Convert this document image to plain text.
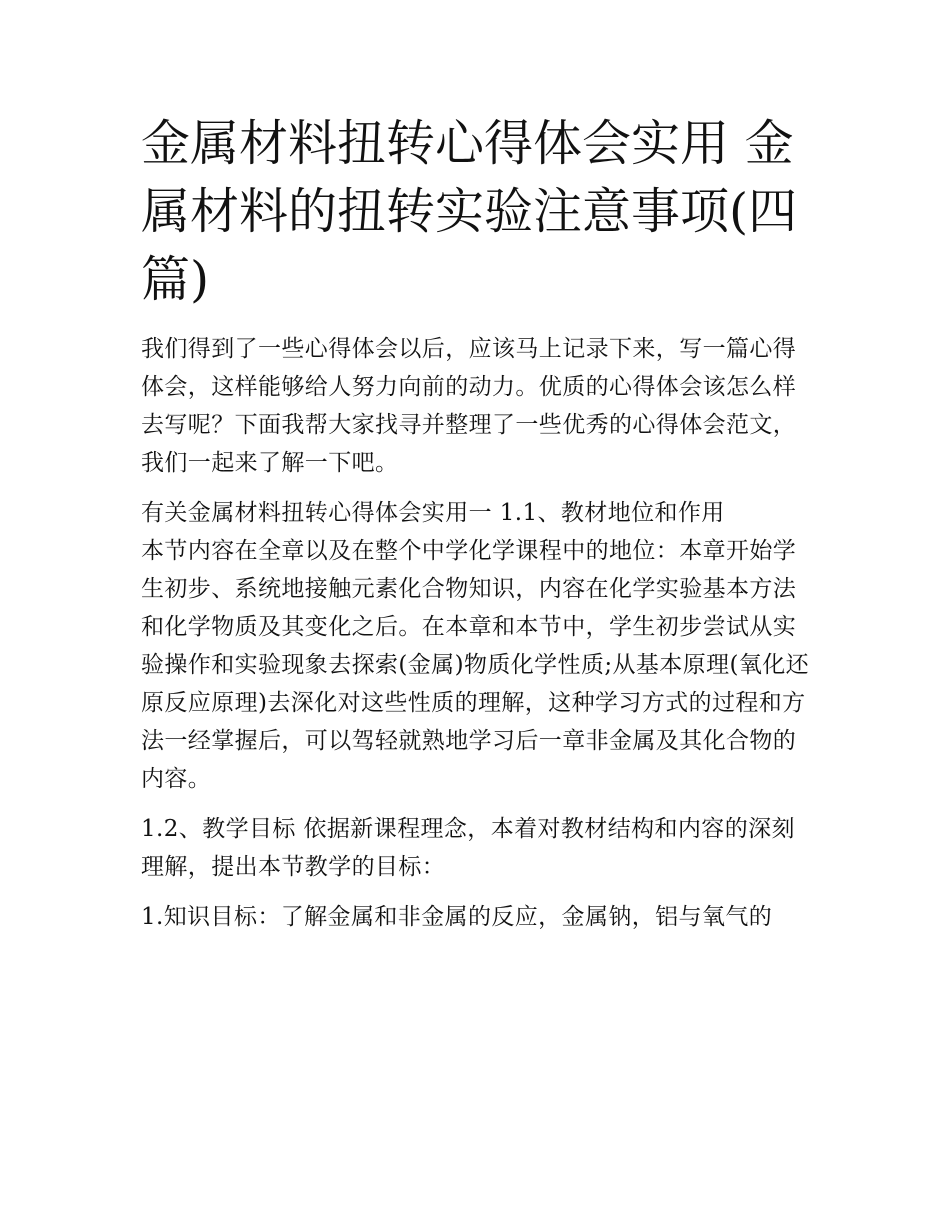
金属材料扭转心得体会实用 金属材料的扭转实验注意事项(四篇)

我们得到了一些心得体会以后，应该马上记录下来，写一篇心得体会，这样能够给人努力向前的动力。优质的心得体会该怎么样去写呢？下面我帮大家找寻并整理了一些优秀的心得体会范文，我们一起来了解一下吧。

有关金属材料扭转心得体会实用一 1.1、教材地位和作用

本节内容在全章以及在整个中学化学课程中的地位：本章开始学生初步、系统地接触元素化合物知识，内容在化学实验基本方法和化学物质及其变化之后。在本章和本节中，学生初步尝试从实验操作和实验现象去探索(金属)物质化学性质;从基本原理(氧化还原反应原理)去深化对这些性质的理解，这种学习方式的过程和方法一经掌握后，可以驾轻就熟地学习后一章非金属及其化合物的内容。

1.2、教学目标 依据新课程理念，本着对教材结构和内容的深刻理解，提出本节教学的目标：

1.知识目标：了解金属和非金属的反应，金属钠，铝与氧气的
